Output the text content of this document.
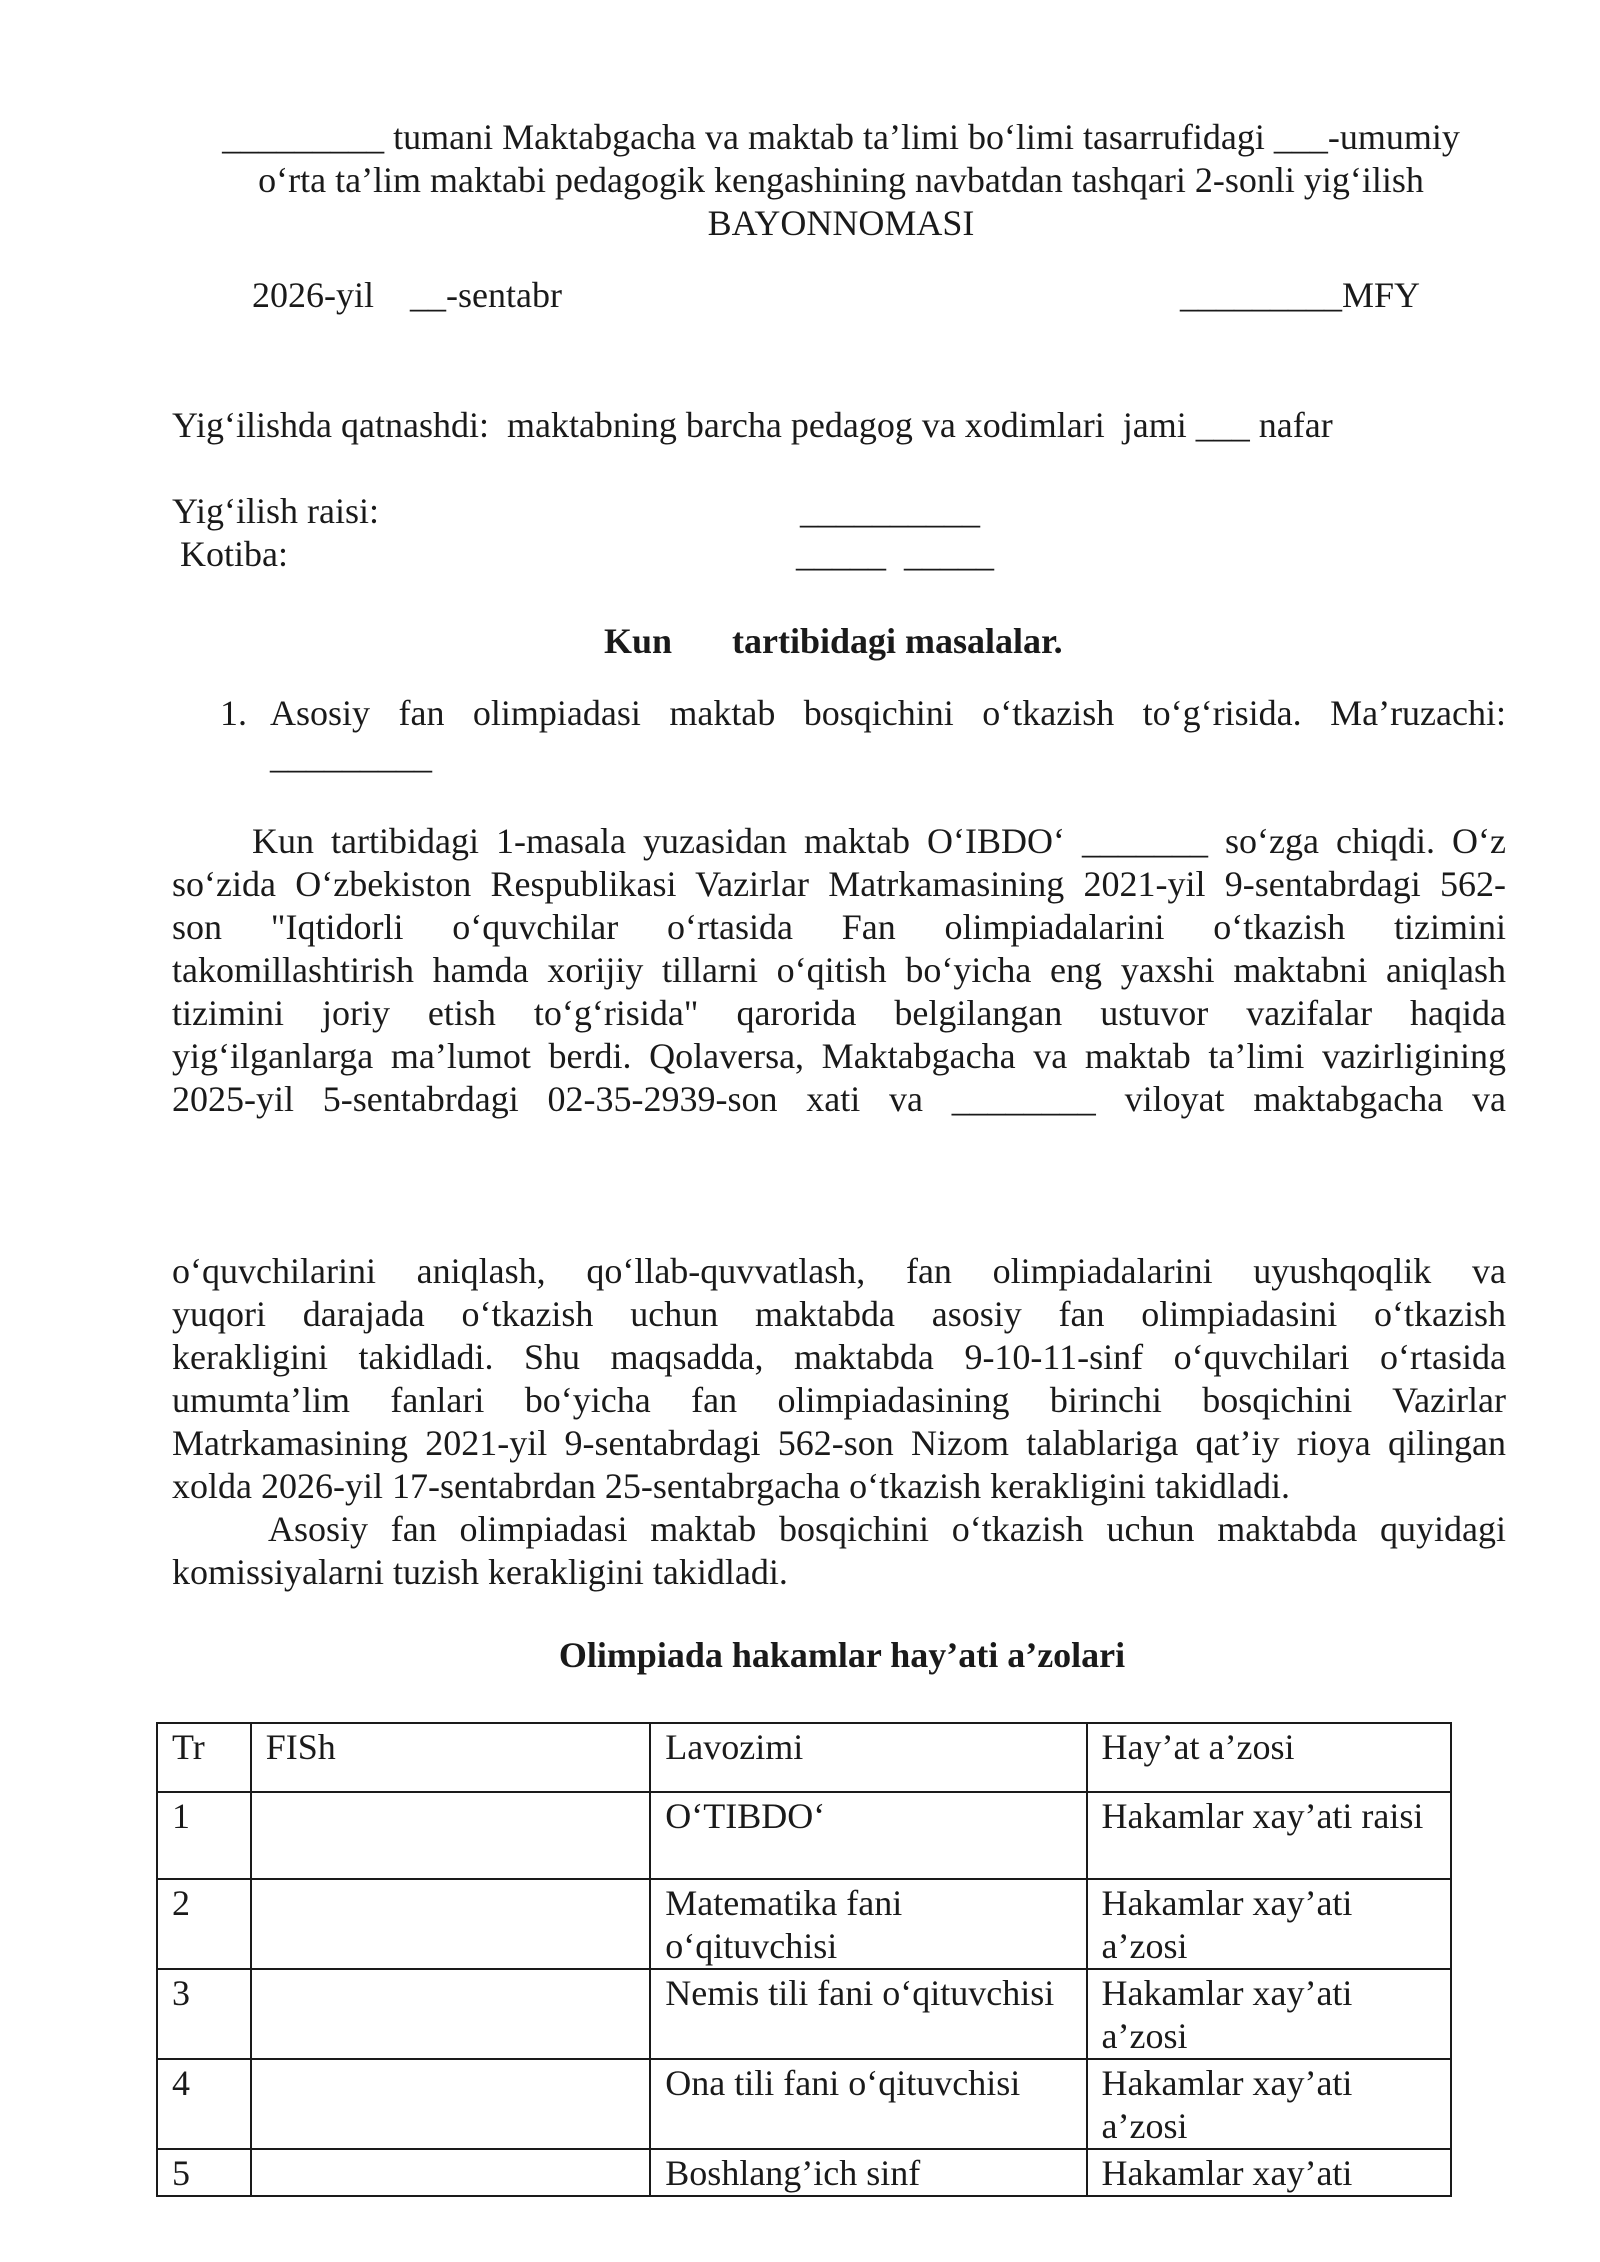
_________ tumani Maktabgacha va maktab ta’limi bo‘limi tasarrufidagi ___-umumiy
o‘rta ta’lim maktabi pedagogik kengashining navbatdan tashqari 2-sonli yig‘ilish
BAYONNOMASI
2026-yil    __-sentabr	_________MFY
Yig‘ilishda qatnashdi:  maktabning barcha pedagog va xodimlari  jami ___ nafar
Yig‘ilish raisi:	__________
Kotiba:	_____  _____
Kun tartibidagi masalalar.
1. Asosiy fan olimpiadasi maktab bosqichini o‘tkazish to‘g‘risida. Ma’ruzachi:
_________
Kun tartibidagi 1-masala yuzasidan maktab O‘IBDO‘ _______ so‘zga chiqdi. O‘z
so‘zida O‘zbekiston Respublikasi Vazirlar Matrkamasining 2021-yil 9-sentabrdagi 562-
son "Iqtidorli o‘quvchilar o‘rtasida Fan olimpiadalarini o‘tkazish tizimini
takomillashtirish hamda xorijiy tillarni o‘qitish bo‘yicha eng yaxshi maktabni aniqlash
tizimini joriy etish to‘g‘risida" qarorida belgilangan ustuvor vazifalar haqida
yig‘ilganlarga ma’lumot berdi. Qolaversa, Maktabgacha va maktab ta’limi vazirligining
2025-yil 5-sentabrdagi 02-35-2939-son xati va ________ viloyat maktabgacha va

o‘quvchilarini aniqlash, qo‘llab-quvvatlash, fan olimpiadalarini uyushqoqlik va
yuqori darajada o‘tkazish uchun maktabda asosiy fan olimpiadasini o‘tkazish
kerakligini takidladi. Shu maqsadda, maktabda 9-10-11-sinf o‘quvchilari o‘rtasida
umumta’lim fanlari bo‘yicha fan olimpiadasining birinchi bosqichini Vazirlar
Matrkamasining 2021-yil 9-sentabrdagi 562-son Nizom talablariga qat’iy rioya qilingan
xolda 2026-yil 17-sentabrdan 25-sentabrgacha o‘tkazish kerakligini takidladi.
Asosiy fan olimpiadasi maktab bosqichini o‘tkazish uchun maktabda quyidagi
komissiyalarni tuzish kerakligini takidladi.
Olimpiada hakamlar hay’ati a’zolari
Tr	FISh	Lavozimi	Hay’at a’zosi
1		O‘TIBDO‘	Hakamlar xay’ati raisi
2		Matematika fani o‘qituvchisi	Hakamlar xay’ati a’zosi
3		Nemis tili fani o‘qituvchisi	Hakamlar xay’ati a’zosi
4		Ona tili fani o‘qituvchisi	Hakamlar xay’ati a’zosi
5		Boshlang’ich sinf	Hakamlar xay’ati
